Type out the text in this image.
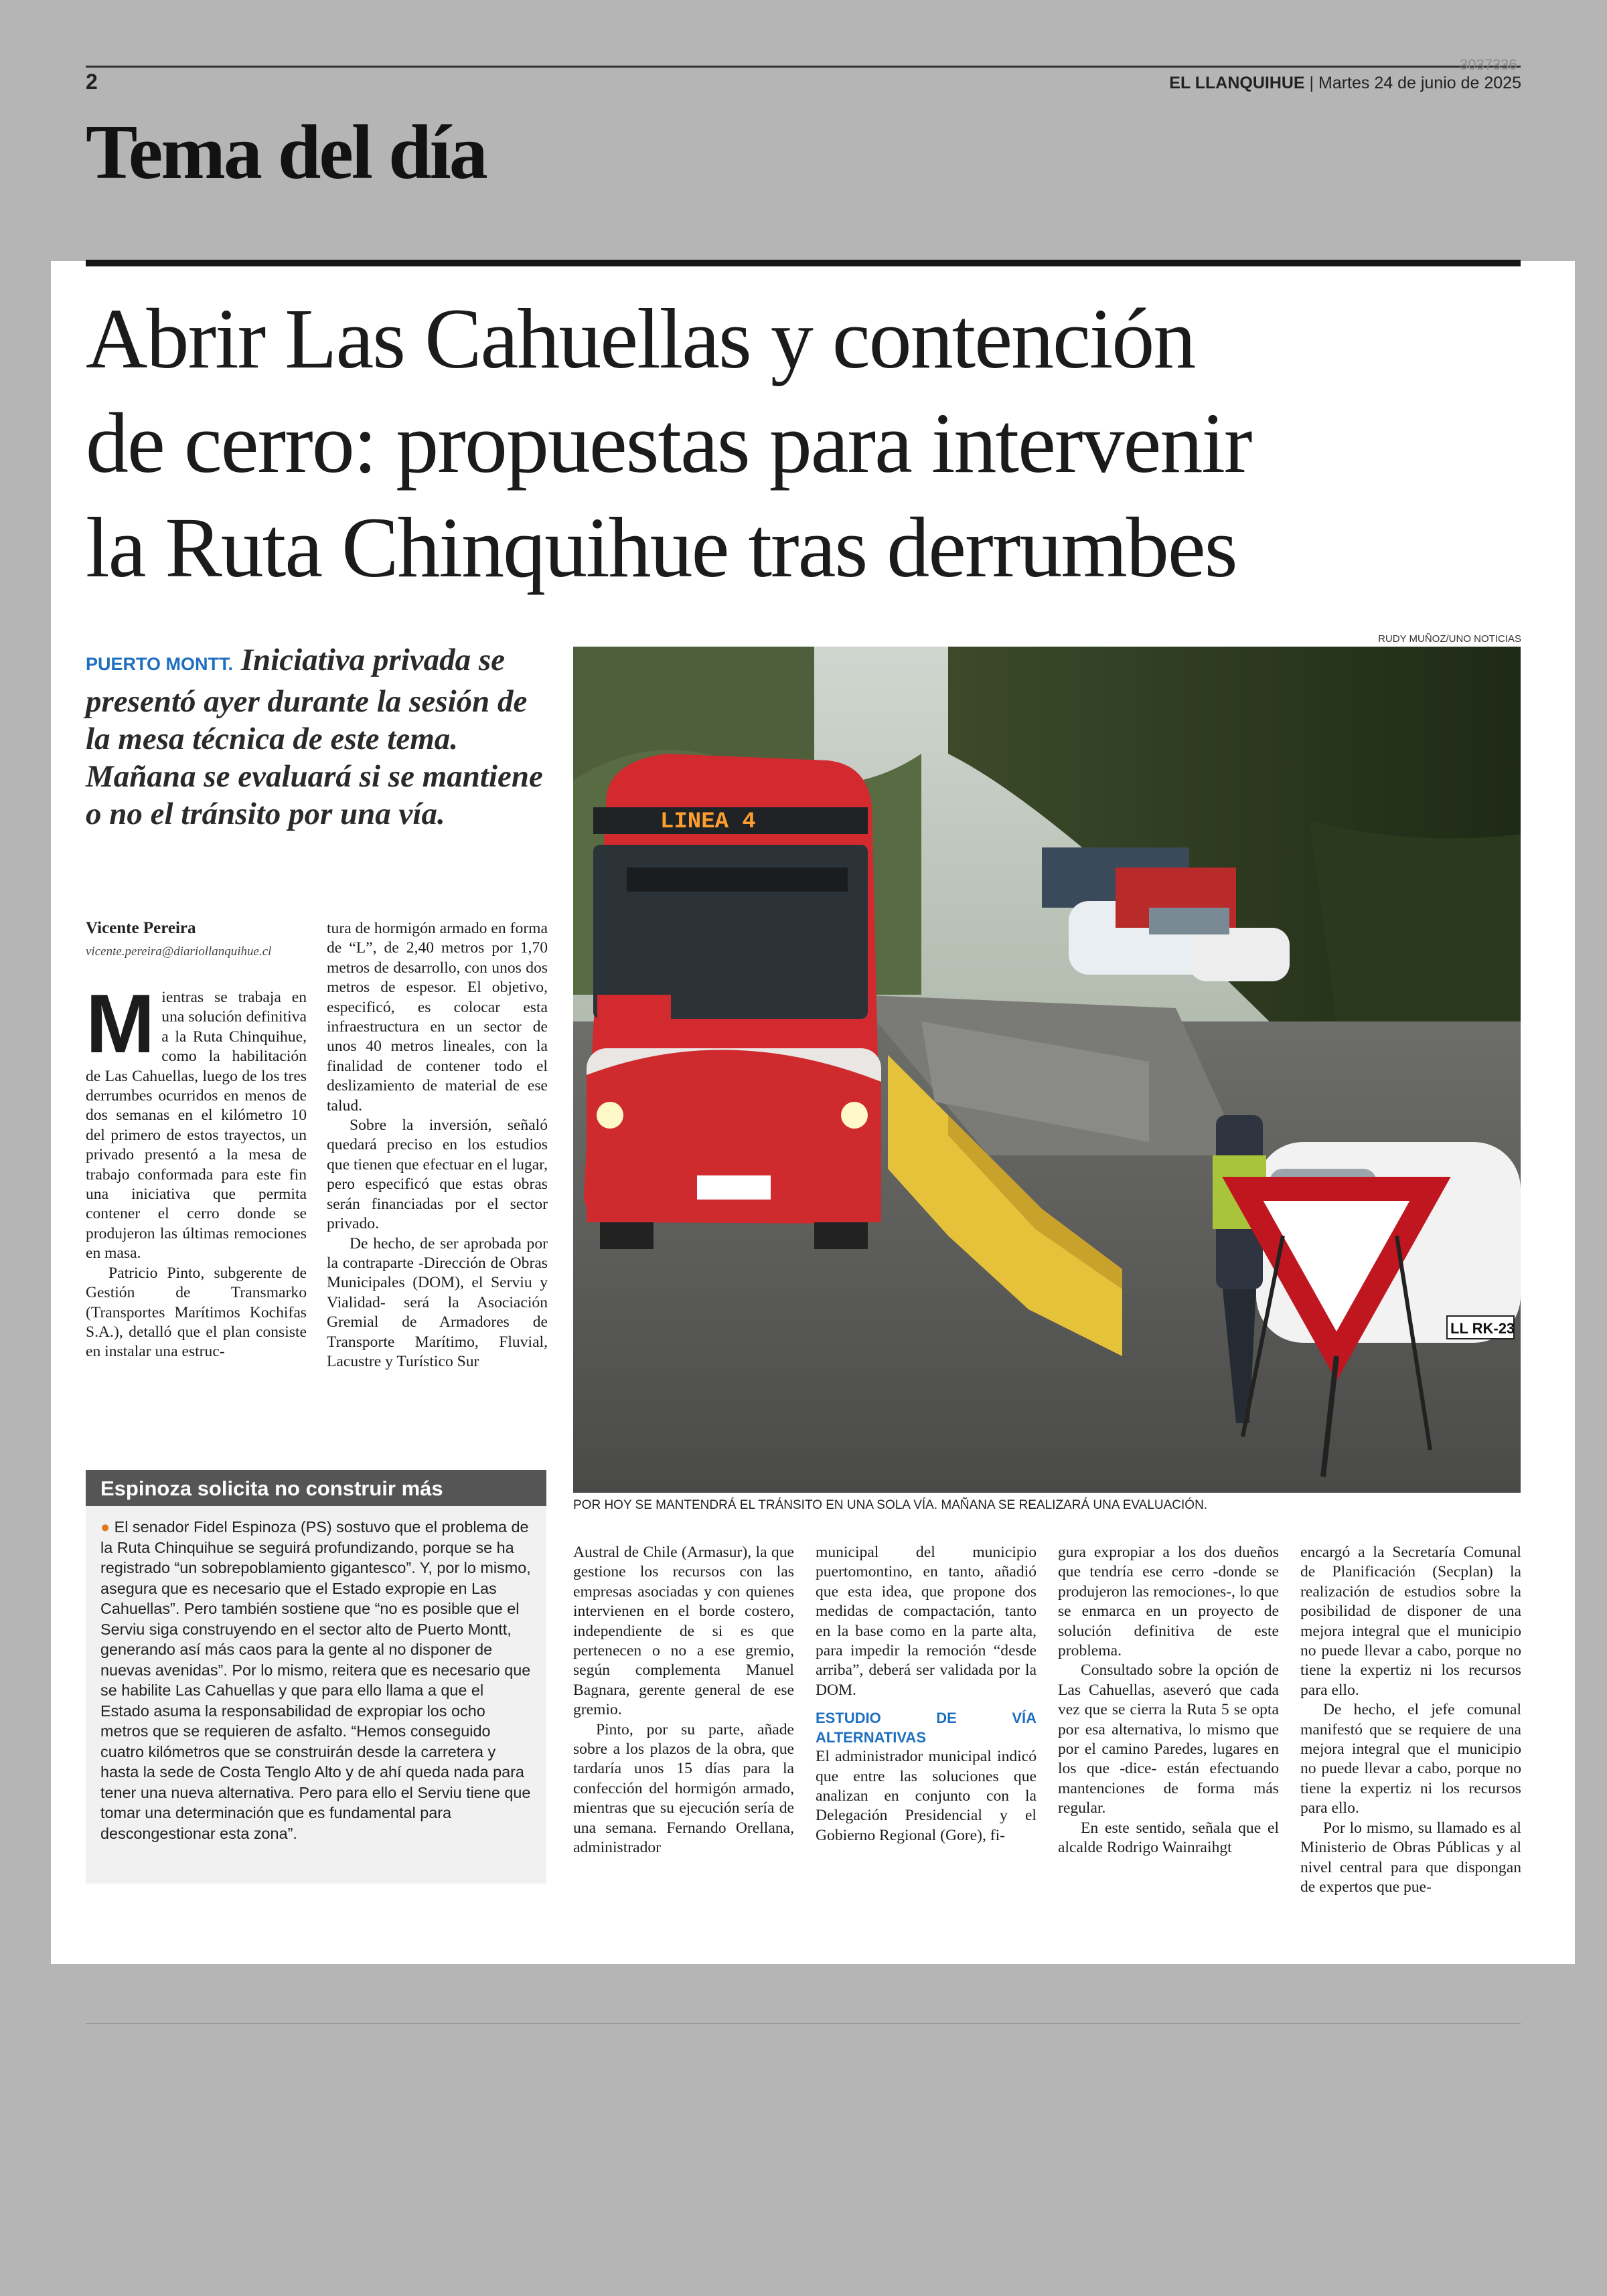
2
3037336
EL LLANQUIHUE | Martes 24 de junio de 2025
Tema del día
Abrir Las Cahuellas y contención
de cerro: propuestas para intervenir
la Ruta Chinquihue tras derrumbes
PUERTO MONTT. Iniciativa privada se presentó ayer durante la sesión de la mesa técnica de este tema. Mañana se evaluará si se mantiene o no el tránsito por una vía.
Vicente Pereira
vicente.pereira@diariollanquihue.cl
RUDY MUÑOZ/UNO NOTICIAS
LL RK-23
LINEA 4
POR HOY SE MANTENDRÁ EL TRÁNSITO EN UNA SOLA VÍA. MAÑANA SE REALIZARÁ UNA EVALUACIÓN.

Mientras se trabaja en una solución definitiva a la Ruta Chinquihue, como la habilitación de Las Cahuellas, luego de los tres derrumbes ocurridos en menos de dos semanas en el kilómetro 10 del primero de estos trayectos, un privado presentó a la mesa de trabajo conformada para este fin una iniciativa que permita contener el cerro donde se produjeron las últimas remociones en masa.

Patricio Pinto, subgerente de Gestión de Transmarko (Transportes Marítimos Kochifas S.A.), detalló que el plan consiste en instalar una estruc-

tura de hormigón armado en forma de “L”, de 2,40 metros por 1,70 metros de desarrollo, con unos dos metros de espesor. El objetivo, especificó, es colocar esta infraestructura en un sector de unos 40 metros lineales, con la finalidad de contener todo el deslizamiento de material de ese talud.

Sobre la inversión, señaló quedará preciso en los estudios que tienen que efectuar en el lugar, pero especificó que estas obras serán financiadas por el sector privado.

De hecho, de ser aprobada por la contraparte -Dirección de Obras Municipales (DOM), el Serviu y Vialidad- será la Asociación Gremial de Armadores de Transporte Marítimo, Fluvial, Lacustre y Turístico Sur

Espinoza solicita no construir más
● El senador Fidel Espinoza (PS) sostuvo que el problema de la Ruta Chinquihue se seguirá profundizando, porque se ha registrado “un sobrepoblamiento gigantesco”. Y, por lo mismo, asegura que es necesario que el Estado expropie en Las Cahuellas”. Pero también sostiene que “no es posible que el Serviu siga construyendo en el sector alto de Puerto Montt, generando así más caos para la gente al no disponer de nuevas avenidas”. Por lo mismo, reitera que es necesario que se habilite Las Cahuellas y que para ello llama a que el Estado asuma la responsabilidad de expropiar los ocho metros que se requieren de asfalto. “Hemos conseguido cuatro kilómetros que se construirán desde la carretera y hasta la sede de Costa Tenglo Alto y de ahí queda nada para tener una nueva alternativa. Pero para ello el Serviu tiene que tomar una determinación que es fundamental para descongestionar esta zona”.

Austral de Chile (Armasur), la que gestione los recursos con las empresas asociadas y con quienes intervienen en el borde costero, independiente de si es que pertenecen o no a ese gremio, según complementa Manuel Bagnara, gerente general de ese gremio.

Pinto, por su parte, añade sobre a los plazos de la obra, que tardaría unos 15 días para la confección del hormigón armado, mientras que su ejecución sería de una semana. Fernando Orellana, administrador

municipal del municipio puertomontino, en tanto, añadió que esta idea, que propone dos medidas de compactación, tanto en la base como en la parte alta, para impedir la remoción “desde arriba”, deberá ser validada por la DOM.

ESTUDIO DE VÍA ALTERNATIVAS

El administrador municipal indicó que entre las soluciones que analizan en conjunto con la Delegación Presidencial y el Gobierno Regional (Gore), fi-

gura expropiar a los dos dueños que tendría ese cerro -donde se produjeron las remociones-, lo que se enmarca en un proyecto de solución definitiva de este problema.

Consultado sobre la opción de Las Cahuellas, aseveró que cada vez que se cierra la Ruta 5 se opta por esa alternativa, lo mismo que por el camino Paredes, lugares en los que -dice- están efectuando mantenciones de forma más regular.

En este sentido, señala que el alcalde Rodrigo Wainraihgt

encargó a la Secretaría Comunal de Planificación (Secplan) la realización de estudios sobre la posibilidad de disponer de una mejora integral que el municipio no puede llevar a cabo, porque no tiene la expertiz ni los recursos para ello.

De hecho, el jefe comunal manifestó que se requiere de una mejora integral que el municipio no puede llevar a cabo, porque no tiene la expertiz ni los recursos para ello.

Por lo mismo, su llamado es al Ministerio de Obras Públicas y al nivel central para que dispongan de expertos que pue-
